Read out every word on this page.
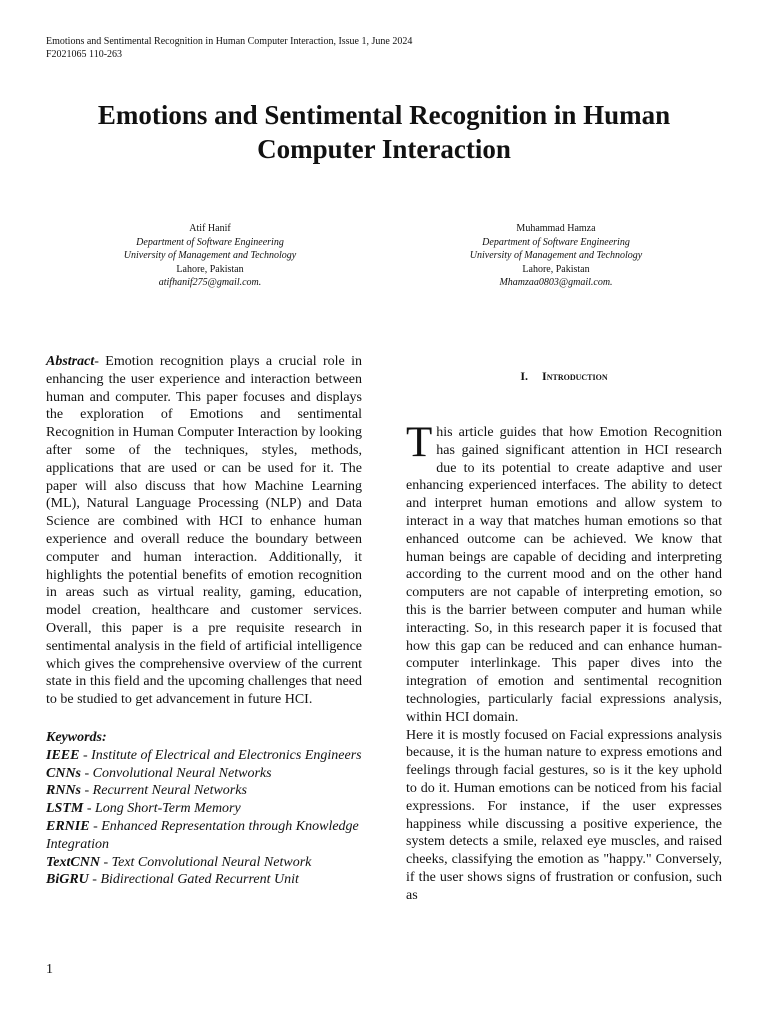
Emotions and Sentimental Recognition in Human Computer Interaction, Issue 1, June 2024
F2021065 110-263
Emotions and Sentimental Recognition in Human
Computer Interaction
Atif Hanif
Department of Software Engineering
University of Management and Technology
Lahore, Pakistan
atifhanif275@gmail.com.
Muhammad Hamza
Department of Software Engineering
University of Management and Technology
Lahore, Pakistan
Mhamzaa0803@gmail.com.

Abstract- Emotion recognition plays a crucial role in enhancing the user experience and interaction between human and computer. This paper focuses and displays the exploration of Emotions and sentimental Recognition in Human Computer Interaction by looking after some of the techniques, styles, methods, applications that are used or can be used for it. The paper will also discuss that how Machine Learning (ML), Natural Language Processing (NLP) and Data Science are combined with HCI to enhance human experience and overall reduce the boundary between computer and human interaction. Additionally, it highlights the potential benefits of emotion recognition in areas such as virtual reality, gaming, education, model creation, healthcare and customer services. Overall, this paper is a pre requisite research in sentimental analysis in the field of artificial intelligence which gives the comprehensive overview of the current state in this field and the upcoming challenges that need to be studied to get advancement in future HCI.

Keywords:
IEEE - Institute of Electrical and Electronics Engineers
CNNs - Convolutional Neural Networks
RNNs - Recurrent Neural Networks
LSTM - Long Short-Term Memory
ERNIE - Enhanced Representation through Knowledge Integration
TextCNN - Text Convolutional Neural Network
BiGRU - Bidirectional Gated Recurrent Unit
I. Introduction

This article guides that how Emotion Recognition has gained significant attention in HCI research due to its potential to create adaptive and user enhancing experienced interfaces. The ability to detect and interpret human emotions and allow system to interact in a way that matches human emotions so that enhanced outcome can be achieved. We know that human beings are capable of deciding and interpreting according to the current mood and on the other hand computers are not capable of interpreting emotion, so this is the barrier between computer and human while interacting. So, in this research paper it is focused that how this gap can be reduced and can enhance human-computer interlinkage. This paper dives into the integration of emotion and sentimental recognition technologies, particularly facial expressions analysis, within HCI domain.

Here it is mostly focused on Facial expressions analysis because, it is the human nature to express emotions and feelings through facial gestures, so is it the key uphold to do it. Human emotions can be noticed from his facial expressions. For instance, if the user expresses happiness while discussing a positive experience, the system detects a smile, relaxed eye muscles, and raised cheeks, classifying the emotion as "happy." Conversely, if the user shows signs of frustration or confusion, such as

1
